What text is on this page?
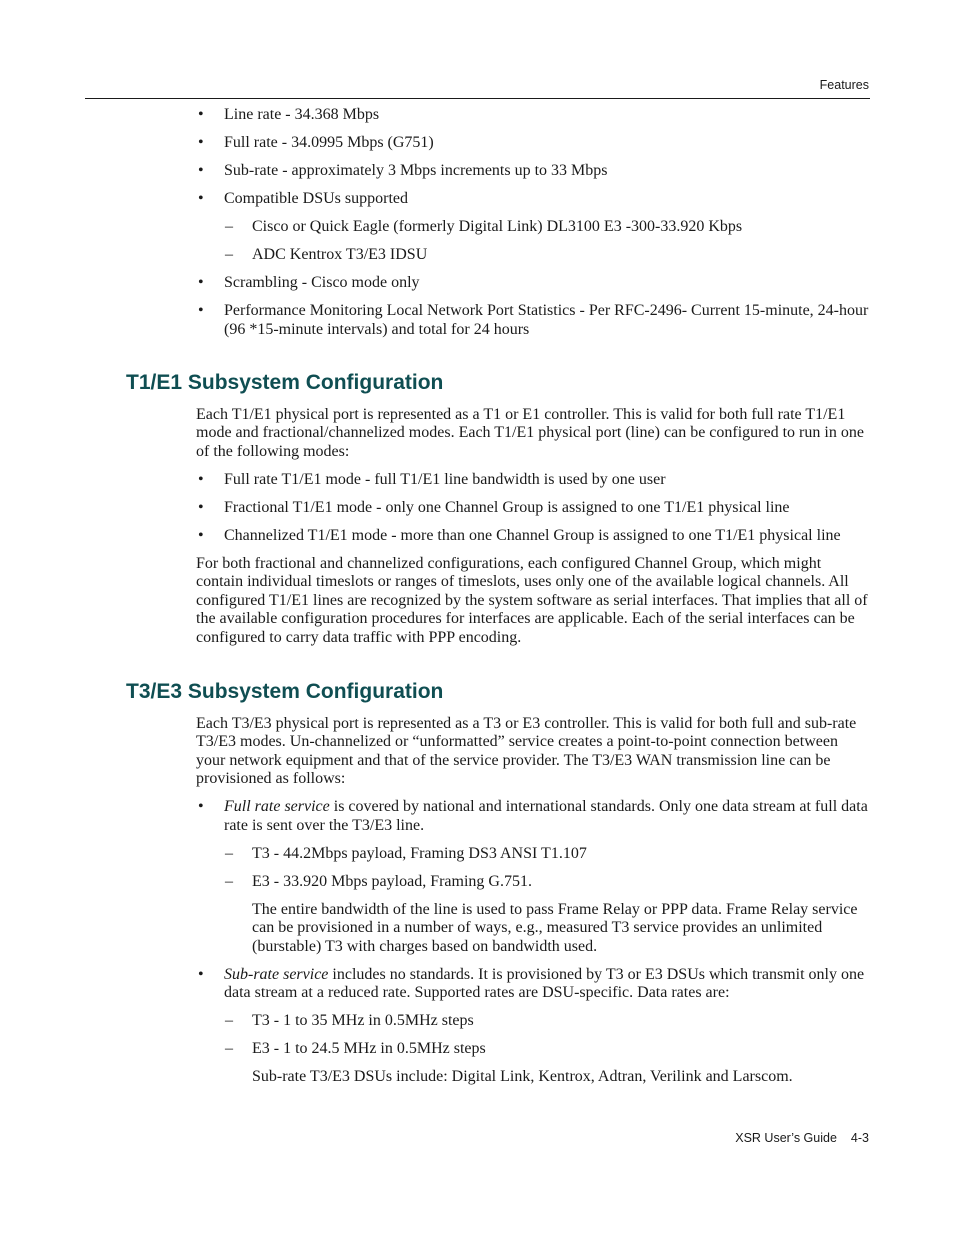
Features
• Line rate - 34.368 Mbps
• Full rate - 34.0995 Mbps (G751)
• Sub-rate - approximately 3 Mbps increments up to 33 Mbps
• Compatible DSUs supported
– Cisco or Quick Eagle (formerly Digital Link) DL3100 E3 -300-33.920 Kbps
– ADC Kentrox T3/E3 IDSU
• Scrambling - Cisco mode only
• Performance Monitoring Local Network Port Statistics - Per RFC-2496- Current 15-minute, 24-hour (96 *15-minute intervals) and total for 24 hours
T1/E1 Subsystem Configuration
Each T1/E1 physical port is represented as a T1 or E1 controller. This is valid for both full rate T1/E1 mode and fractional/channelized modes. Each T1/E1 physical port (line) can be configured to run in one of the following modes:
• Full rate T1/E1 mode - full T1/E1 line bandwidth is used by one user
• Fractional T1/E1 mode - only one Channel Group is assigned to one T1/E1 physical line
• Channelized T1/E1 mode - more than one Channel Group is assigned to one T1/E1 physical line
For both fractional and channelized configurations, each configured Channel Group, which might contain individual timeslots or ranges of timeslots, uses only one of the available logical channels. All configured T1/E1 lines are recognized by the system software as serial interfaces. That implies that all of the available configuration procedures for interfaces are applicable. Each of the serial interfaces can be configured to carry data traffic with PPP encoding.
T3/E3 Subsystem Configuration
Each T3/E3 physical port is represented as a T3 or E3 controller. This is valid for both full and sub-rate T3/E3 modes. Un-channelized or “unformatted” service creates a point-to-point connection between your network equipment and that of the service provider. The T3/E3 WAN transmission line can be provisioned as follows:
• Full rate service is covered by national and international standards. Only one data stream at full data rate is sent over the T3/E3 line.
– T3 - 44.2Mbps payload, Framing DS3 ANSI T1.107
– E3 - 33.920 Mbps payload, Framing G.751.
The entire bandwidth of the line is used to pass Frame Relay or PPP data. Frame Relay service can be provisioned in a number of ways, e.g., measured T3 service provides an unlimited (burstable) T3 with charges based on bandwidth used.
• Sub-rate service includes no standards. It is provisioned by T3 or E3 DSUs which transmit only one data stream at a reduced rate. Supported rates are DSU-specific. Data rates are:
– T3 - 1 to 35 MHz in 0.5MHz steps
– E3 - 1 to 24.5 MHz in 0.5MHz steps
Sub-rate T3/E3 DSUs include: Digital Link, Kentrox, Adtran, Verilink and Larscom.
XSR User’s Guide 4-3
